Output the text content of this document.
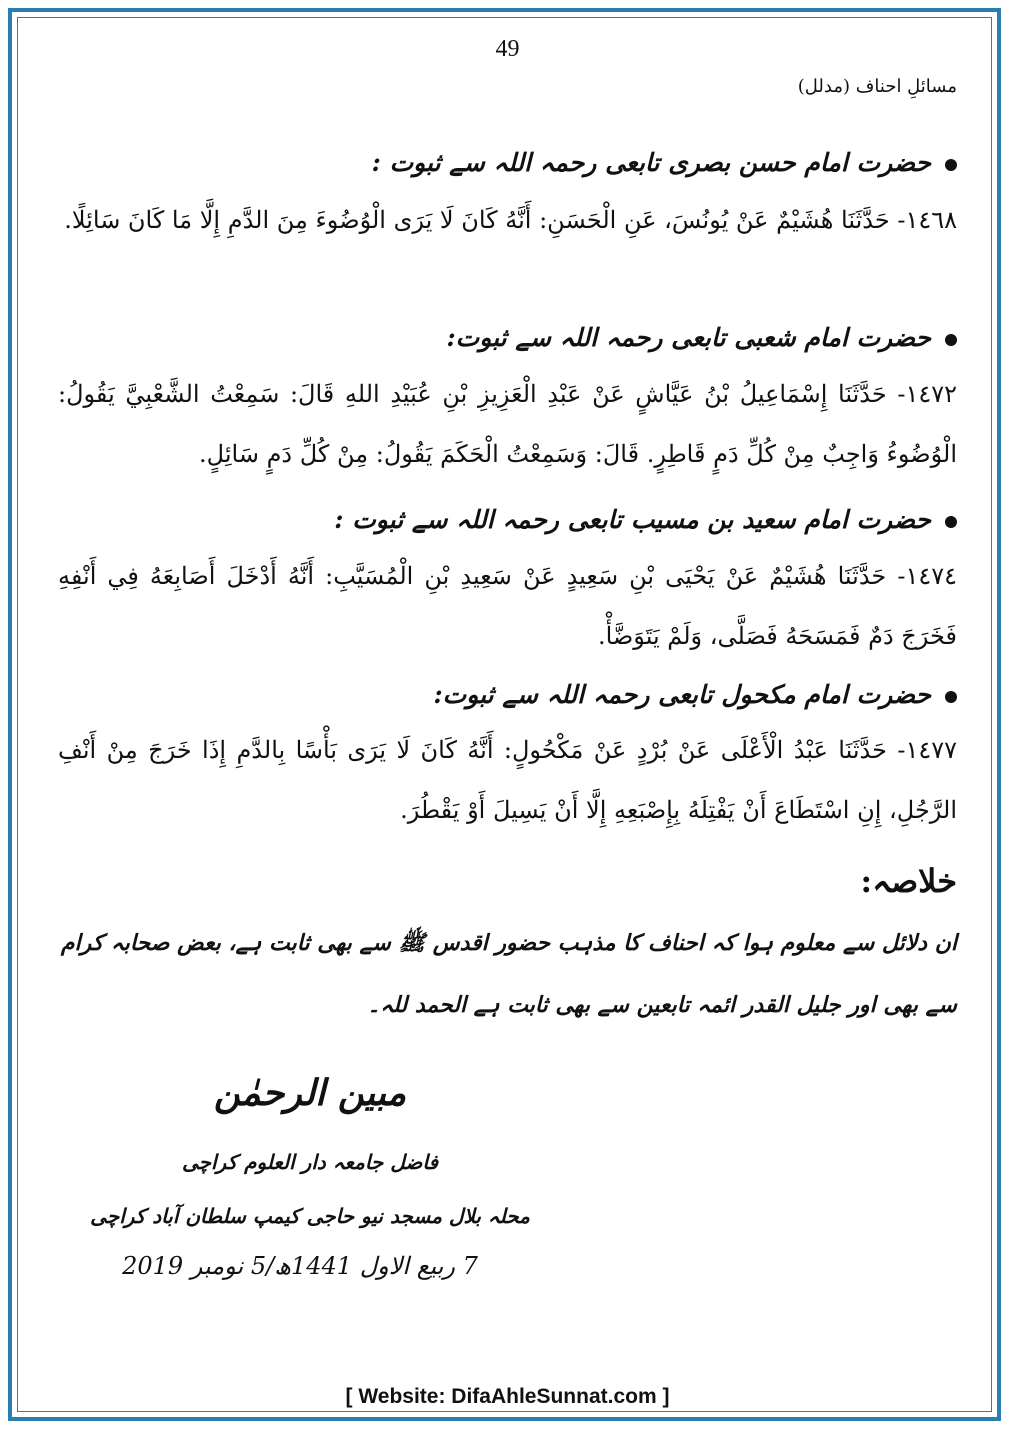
49
مسائلِ احناف (مدلل)
حضرت امام حسن بصری تابعی رحمہ اللہ سے ثبوت :
١٤٦٨- حَدَّثَنَا هُشَيْمٌ عَنْ يُونُسَ، عَنِ الْحَسَنِ: أَنَّهُ كَانَ لَا يَرَى الْوُضُوءَ مِنَ الدَّمِ إِلَّا مَا كَانَ سَائِلًا.
حضرت امام شعبی تابعی رحمہ اللہ سے ثبوت:
١٤٧٢- حَدَّثَنَا إِسْمَاعِيلُ بْنُ عَيَّاشٍ عَنْ عَبْدِ الْعَزِيزِ بْنِ عُبَيْدِ اللهِ قَالَ: سَمِعْتُ الشَّعْبِيَّ يَقُولُ: الْوُضُوءُ وَاجِبٌ مِنْ كُلِّ دَمٍ قَاطِرٍ. قَالَ: وَسَمِعْتُ الْحَكَمَ يَقُولُ: مِنْ كُلِّ دَمٍ سَائِلٍ.
حضرت امام سعید بن مسیب تابعی رحمہ اللہ سے ثبوت :
١٤٧٤- حَدَّثَنَا هُشَيْمٌ عَنْ يَحْيَى بْنِ سَعِيدٍ عَنْ سَعِيدِ بْنِ الْمُسَيَّبِ: أَنَّهُ أَدْخَلَ أَصَابِعَهُ فِي أَنْفِهِ فَخَرَجَ دَمٌ فَمَسَحَهُ فَصَلَّى، وَلَمْ يَتَوَضَّأْ.
حضرت امام مکحول تابعی رحمہ اللہ سے ثبوت:
١٤٧٧- حَدَّثَنَا عَبْدُ الْأَعْلَى عَنْ بُرْدٍ عَنْ مَكْحُولٍ: أَنَّهُ كَانَ لَا يَرَى بَأْسًا بِالدَّمِ إِذَا خَرَجَ مِنْ أَنْفِ الرَّجُلِ، إِنِ اسْتَطَاعَ أَنْ يَفْتِلَهُ بِإِصْبَعِهِ إِلَّا أَنْ يَسِيلَ أَوْ يَقْطُرَ.
خلاصہ:
ان دلائل سے معلوم ہوا کہ احناف کا مذہب حضور اقدس ﷺ سے بھی ثابت ہے، بعض صحابہ کرام سے بھی اور جلیل القدر ائمہ تابعین سے بھی ثابت ہے الحمد للہ۔
مبین الرحمٰن
فاضل جامعہ دار العلوم کراچی
محلہ بلال مسجد نیو حاجی کیمپ سلطان آباد کراچی
7 ربیع الاول 1441ھ/5 نومبر 2019
[ Website: DifaAhleSunnat.com ]
